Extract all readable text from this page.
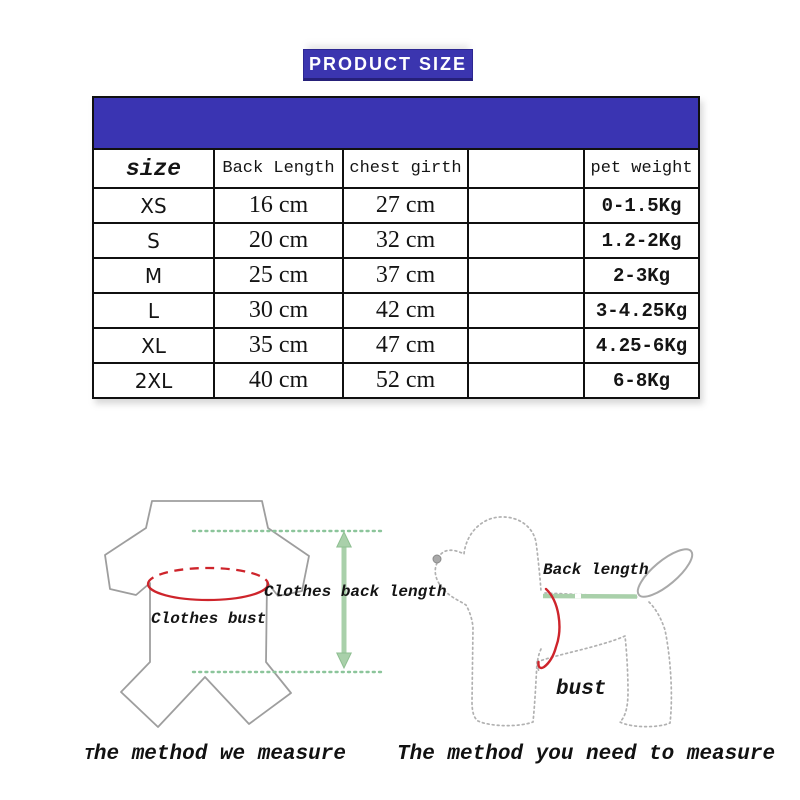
PRODUCT SIZE

size	Back Length	chest girth		pet weight
XS	16 cm	27 cm		0-1.5Kg
S	20 cm	32 cm		1.2-2Kg
M	25 cm	37 cm		2-3Kg
L	30 cm	42 cm		3-4.25Kg
XL	35 cm	47 cm		4.25-6Kg
2XL	40 cm	52 cm		6-8Kg
Clothes bust
Clothes back length
Back length
bust
The method we measure	The method you need to measure
